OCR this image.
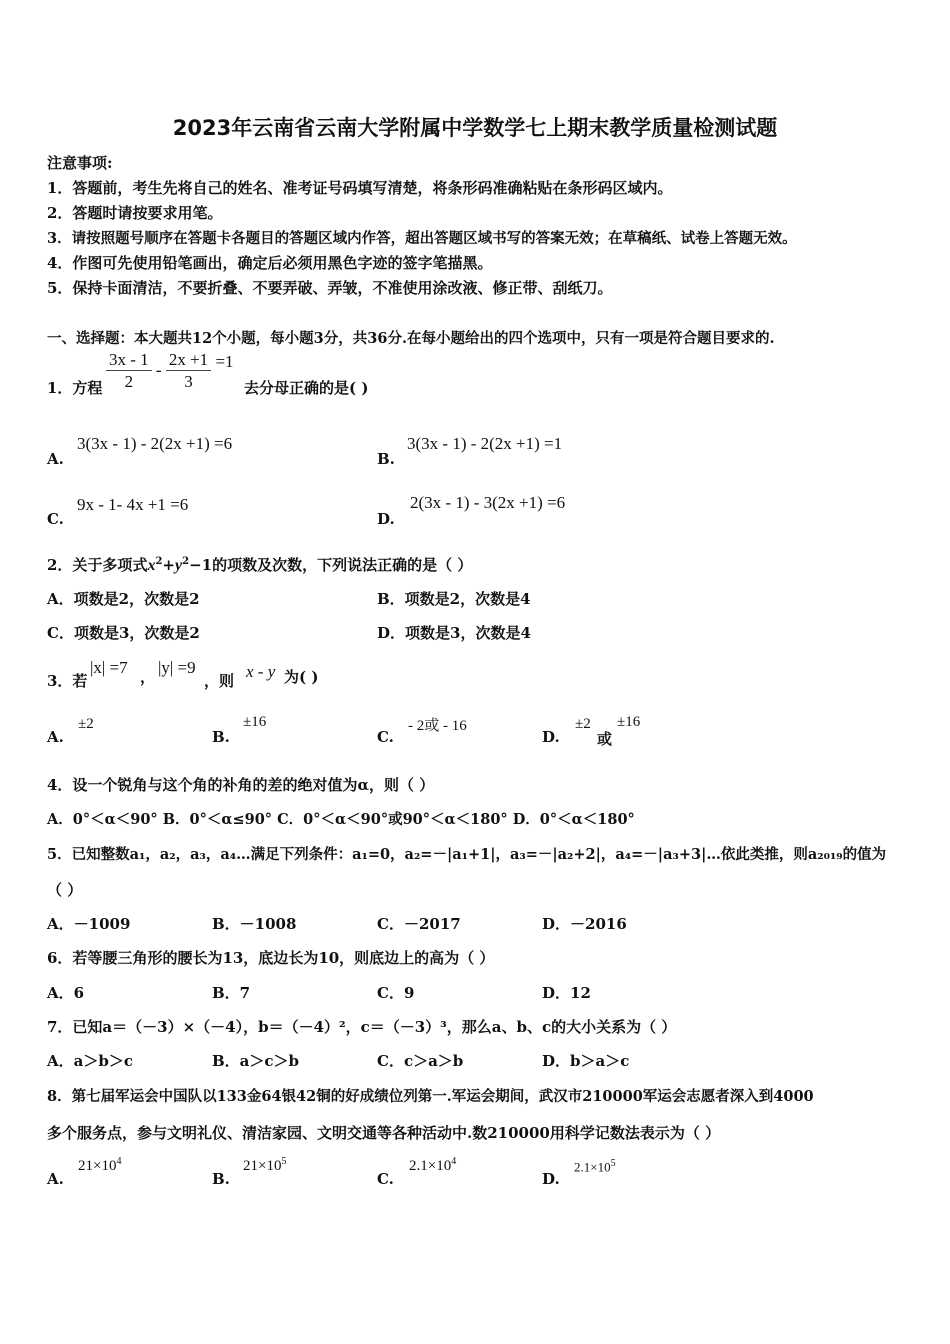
2023年云南省云南大学附属中学数学七上期末教学质量检测试题
注意事项:
1．答题前，考生先将自己的姓名、准考证号码填写清楚，将条形码准确粘贴在条形码区域内。
2．答题时请按要求用笔。
3．请按照题号顺序在答题卡各题目的答题区域内作答，超出答题区域书写的答案无效；在草稿纸、试卷上答题无效。
4．作图可先使用铅笔画出，确定后必须用黑色字迹的签字笔描黑。
5．保持卡面清洁，不要折叠、不要弄破、弄皱，不准使用涂改液、修正带、刮纸刀。
一、选择题：本大题共12个小题，每小题3分，共36分.在每小题给出的四个选项中，只有一项是符合题目要求的.
1．方程 $\frac{3x - 1}{2} - \frac{2x +1}{3} =1$
去分母正确的是( )
A.
3(3x - 1) - 2(2x +1) =6
B.
3(3x - 1) - 2(2x +1) =1
C.
9x - 1- 4x +1 =6
D.
2(3x - 1) - 3(2x +1) =6
2．关于多项式$x^2+y^2-1$的项数及次数，下列说法正确的是（ ）
A．项数是2，次数是2	B．项数是2，次数是4
C．项数是3，次数是2	D．项数是3，次数是4
3．若
|x| =7 ， |y| =9
，则 x - y 为( )
A.
±2
B.
±16
C.
- 2或 - 16
D.
±2
或
±16
4．设一个锐角与这个角的补角的差的绝对值为α，则（ ）
A．0°＜α＜90° B．0°＜α≤90° C．0°＜α＜90°或90°＜α＜180° D．0°＜α＜180°
5．已知整数a₁，a₂，a₃，a₄…满足下列条件：a₁=0，a₂=－|a₁+1|，a₃=－|a₂+2|，a₄=－|a₃+3|…依此类推，则a₂₀₁₉的值为
（ ）
A．－1009	B．－1008	C．－2017	D．－2016
6．若等腰三角形的腰长为13，底边长为10，则底边上的高为（ ）
A．6	B．7	C．9	D．12
7．已知a＝（－3）×（－4），b＝（－4）²，c＝（－3）³，那么a、b、c的大小关系为（ ）
A．a＞b＞c	B．a＞c＞b	C．c＞a＞b	D．b＞a＞c
8．第七届军运会中国队以133金64银42铜的好成绩位列第一.军运会期间，武汉市210000军运会志愿者深入到4000
多个服务点，参与文明礼仪、清洁家园、文明交通等各种活动中.数210000用科学记数法表示为（ ）
A.
$21\times 10^4$
B.
$21\times 10^5$
C.
$2.1\times 10^4$
D.
$2.1\times 10^5$
